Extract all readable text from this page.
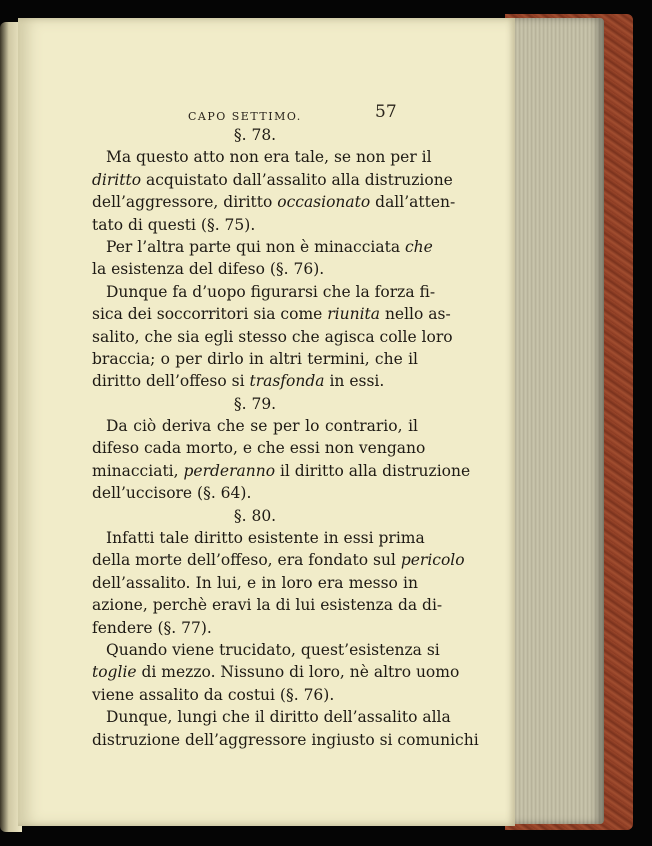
CAPO SETTIMO.	57
§. 78.
Ma questo atto non era tale, se non per il
diritto acquistato dall’assalito alla distruzione
dell’aggressore, diritto occasionato dall’atten-
tato di questi (§. 75).
Per l’altra parte qui non è minacciata che
la esistenza del difeso (§. 76).
Dunque fa d’uopo figurarsi che la forza fi-
sica dei soccorritori sia come riunita nello as-
salito, che sia egli stesso che agisca colle loro
braccia; o per dirlo in altri termini, che il
diritto dell’offeso si trasfonda in essi.
§. 79.
Da ciò deriva che se per lo contrario, il
difeso cada morto, e che essi non vengano
minacciati, perderanno il diritto alla distruzione
dell’uccisore (§. 64).
§. 80.
Infatti tale diritto esistente in essi prima
della morte dell’offeso, era fondato sul pericolo
dell’assalito. In lui, e in loro era messo in
azione, perchè eravi la di lui esistenza da di-
fendere (§. 77).
Quando viene trucidato, quest’esistenza si
toglie di mezzo. Nissuno di loro, nè altro uomo
viene assalito da costui (§. 76).
Dunque, lungi che il diritto dell’assalito alla
distruzione dell’aggressore ingiusto si comunichi
